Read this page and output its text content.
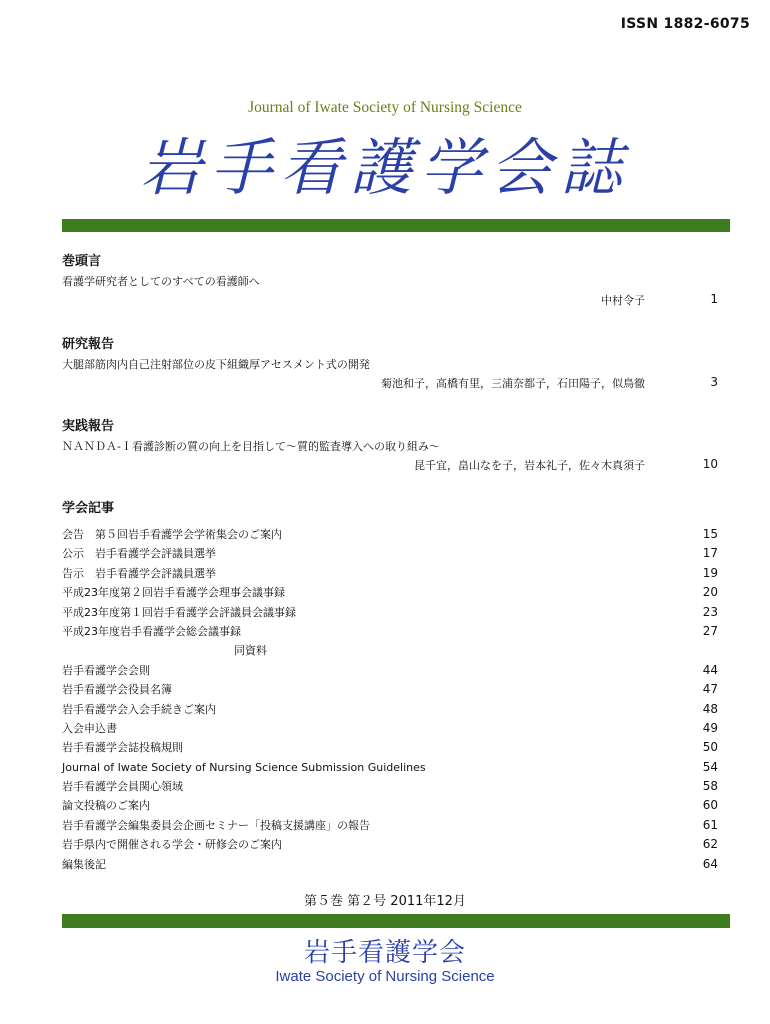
ISSN 1882-6075
Journal of Iwate Society of Nursing Science
岩手看護学会誌
巻頭言
看護学研究者としてのすべての看護師へ
中村令子	1
研究報告
大腿部筋肉内自己注射部位の皮下組織厚アセスメント式の開発
菊池和子，高橋有里，三浦奈都子，石田陽子，似鳥徹	3
実践報告
ＮＡＮＤＡ-Ｉ看護診断の質の向上を目指して～質的監査導入への取り組み～
昆千宜，畠山なを子，岩本礼子，佐々木真須子	10
学会記事
会告　第５回岩手看護学会学術集会のご案内	15
公示　岩手看護学会評議員選挙	17
告示　岩手看護学会評議員選挙	19
平成23年度第２回岩手看護学会理事会議事録	20
平成23年度第１回岩手看護学会評議員会議事録	23
平成23年度岩手看護学会総会議事録	27
同資料
岩手看護学会会則	44
岩手看護学会役員名簿	47
岩手看護学会入会手続きご案内	48
入会申込書	49
岩手看護学会誌投稿規則	50
Journal of Iwate Society of Nursing Science Submission Guidelines	54
岩手看護学会員関心領域	58
論文投稿のご案内	60
岩手看護学会編集委員会企画セミナー「投稿支援講座」の報告	61
岩手県内で開催される学会・研修会のご案内	62
編集後記	64
第５巻 第２号 2011年12月
岩手看護学会
Iwate Society of Nursing Science
